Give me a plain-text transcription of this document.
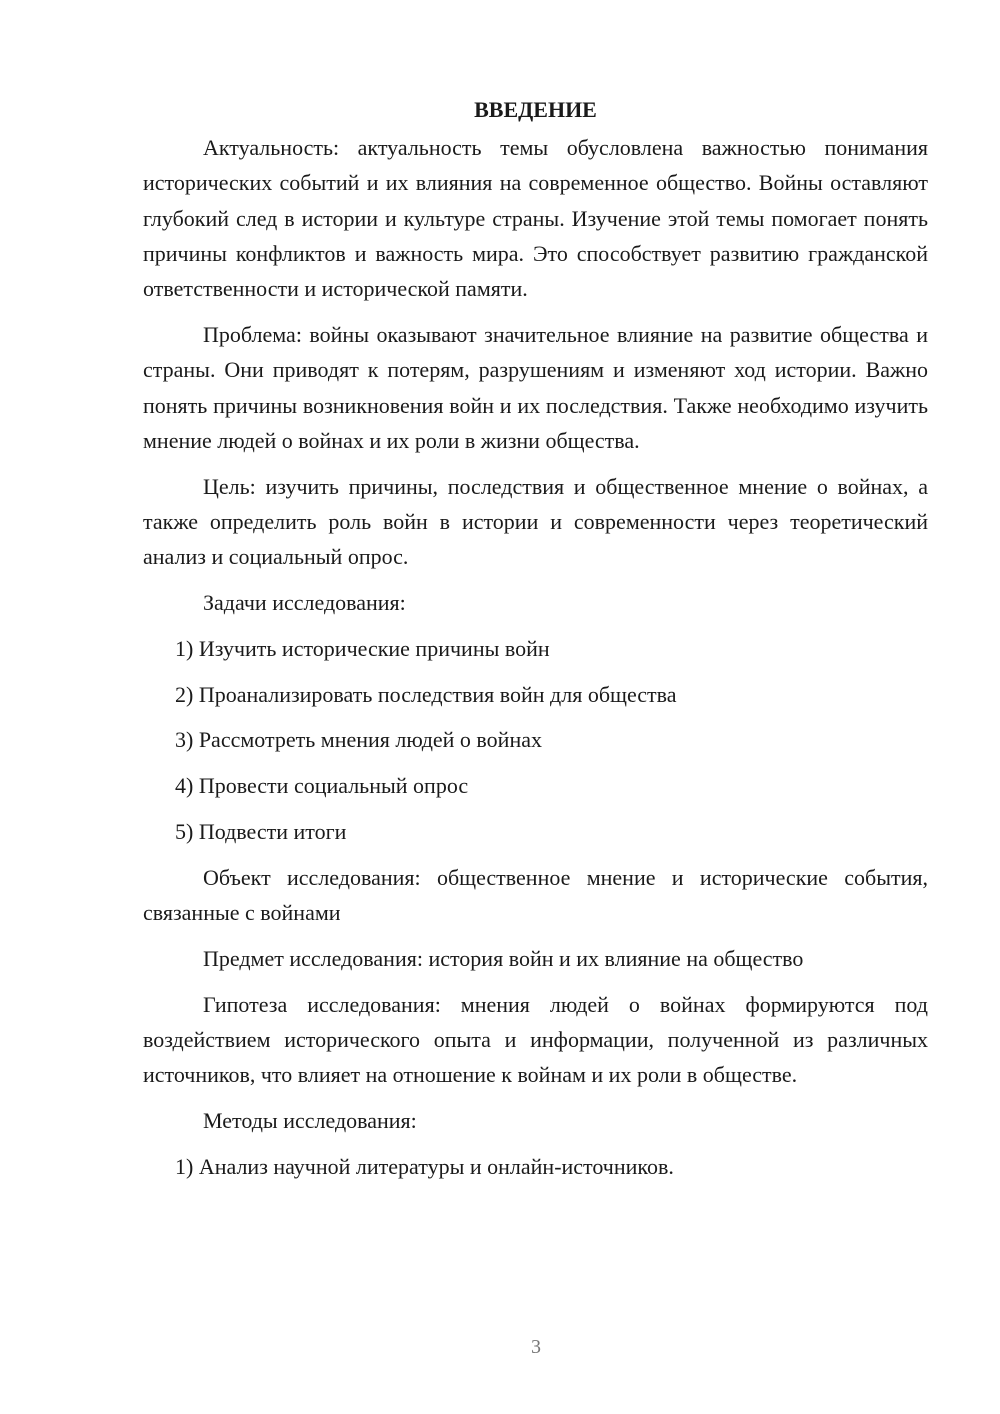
ВВЕДЕНИЕ

Актуальность: актуальность темы обусловлена важностью понимания исторических событий и их влияния на современное общество. Войны оставляют глубокий след в истории и культуре страны. Изучение этой темы помогает понять причины конфликтов и важность мира. Это способствует развитию гражданской ответственности и исторической памяти.

Проблема: войны оказывают значительное влияние на развитие общества и страны. Они приводят к потерям, разрушениям и изменяют ход истории. Важно понять причины возникновения войн и их последствия. Также необходимо изучить мнение людей о войнах и их роли в жизни общества.

Цель: изучить причины, последствия и общественное мнение о войнах, а также определить роль войн в истории и современности через теоретический анализ и социальный опрос.

Задачи исследования:

1) Изучить исторические причины войн

2) Проанализировать последствия войн для общества

3) Рассмотреть мнения людей о войнах

4) Провести социальный опрос

5) Подвести итоги

Объект исследования: общественное мнение и исторические события, связанные с войнами

Предмет исследования: история войн и их влияние на общество

Гипотеза исследования: мнения людей о войнах формируются под воздействием исторического опыта и информации, полученной из различных источников, что влияет на отношение к войнам и их роли в обществе.

Методы исследования:

1) Анализ научной литературы и онлайн-источников.

3
